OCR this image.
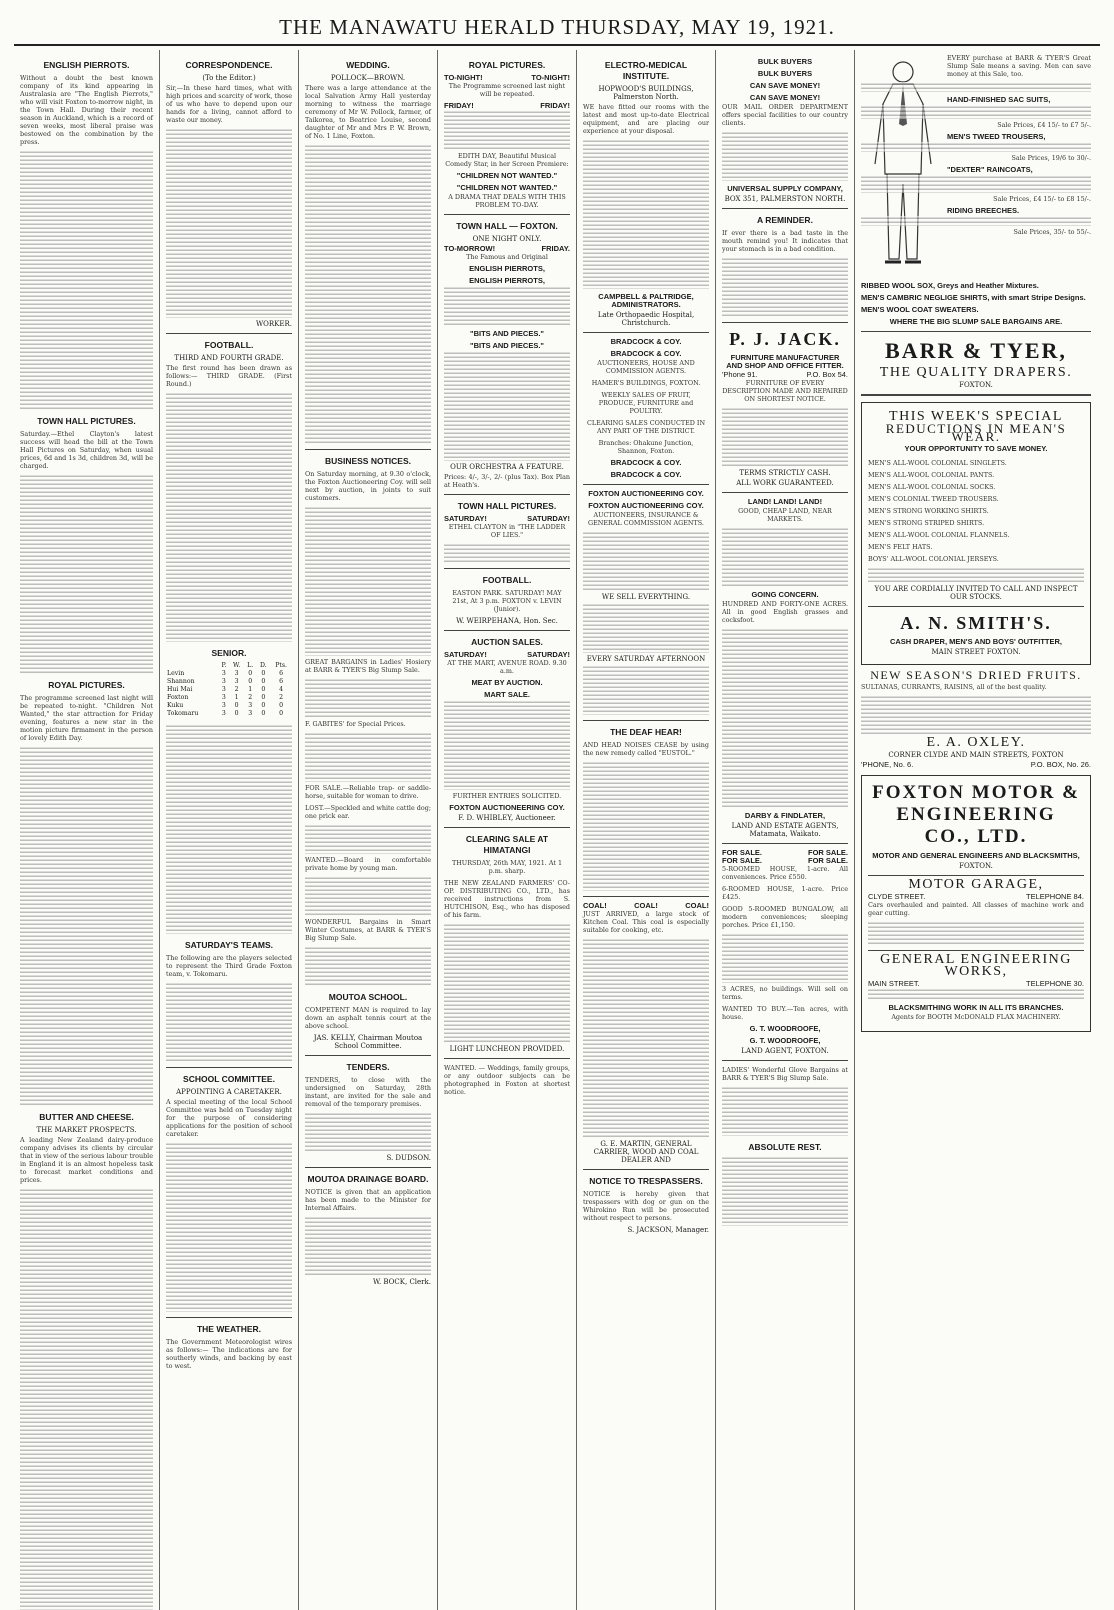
THE MANAWATU HERALD THURSDAY, MAY 19, 1921.
ENGLISH PIERROTS.

Without a doubt the best known company of its kind appearing in Australasia are "The English Pierrots," who will visit Foxton to-morrow night, in the Town Hall. During their recent season in Auckland, which is a record of seven weeks, most liberal praise was bestowed on the combination by the press.

TOWN HALL PICTURES.

Saturday.—Ethel Clayton's latest success will head the bill at the Town Hall Pictures on Saturday, when usual prices, 6d and 1s 3d, children 3d, will be charged.

ROYAL PICTURES.

The programme screened last night will be repeated to-night. "Children Not Wanted," the star attraction for Friday evening, features a new star in the motion picture firmament in the person of lovely Edith Day.

BUTTER AND CHEESE.
THE MARKET PROSPECTS.

A leading New Zealand dairy-produce company advises its clients by circular that in view of the serious labour trouble in England it is an almost hopeless task to forecast market conditions and prices.

CORRESPONDENCE.
(To the Editor.)

Sir,—In these hard times, what with high prices and scarcity of work, those of us who have to depend upon our hands for a living, cannot afford to waste our money.

WORKER.
FOOTBALL.
THIRD AND FOURTH GRADE.

The first round has been drawn as follows:— THIRD GRADE. (First Round.)

SENIOR.
	P.	W.	L.	D.	Pts.
Levin	3	3	0	0	6
Shannon	3	3	0	0	6
Hui Mai	3	2	1	0	4
Foxton	3	1	2	0	2
Kuku	3	0	3	0	0
Tokomaru	3	0	3	0	0
SATURDAY'S TEAMS.

The following are the players selected to represent the Third Grade Foxton team, v. Tokomaru.

SCHOOL COMMITTEE.
APPOINTING A CARETAKER.

A special meeting of the local School Committee was held on Tuesday night for the purpose of considering applications for the position of school caretaker.

THE WEATHER.

The Government Meteorologist wires as follows:— The indications are for southerly winds, and backing by east to west.

WEDDING.
POLLOCK—BROWN.

There was a large attendance at the local Salvation Army Hall yesterday morning to witness the marriage ceremony of Mr W. Pollock, farmer, of Taikorea, to Beatrice Louise, second daughter of Mr and Mrs P. W. Brown, of No. 1 Line, Foxton.

BUSINESS NOTICES.

On Saturday morning, at 9.30 o'clock, the Foxton Auctioneering Coy. will sell next by auction, in joints to suit customers.

GREAT BARGAINS in Ladies' Hosiery at BARR & TYER'S Big Slump Sale.

F. GABITES' for Special Prices.

FOR SALE.—Reliable trap- or saddle-horse, suitable for woman to drive.

LOST.—Speckled and white cattle dog; one prick ear.

WANTED.—Board in comfortable private home by young man.

WONDERFUL Bargains in Smart Winter Costumes, at BARR & TYER'S Big Slump Sale.

MOUTOA SCHOOL.

COMPETENT MAN is required to lay down an asphalt tennis court at the above school.

JAS. KELLY, Chairman Moutoa School Committee.
TENDERS.

TENDERS, to close with the undersigned on Saturday, 28th instant, are invited for the sale and removal of the temporary premises.

S. DUDSON.
MOUTOA DRAINAGE BOARD.

NOTICE is given that an application has been made to the Minister for Internal Affairs.

W. BOCK, Clerk.
ROYAL PICTURES.
TO-NIGHT!	TO-NIGHT!

The Programme screened last night will be repeated.

FRIDAY!	FRIDAY!

EDITH DAY, Beautiful Musical Comedy Star, in her Screen Premiere:

"CHILDREN NOT WANTED."
"CHILDREN NOT WANTED."

A DRAMA THAT DEALS WITH THIS PROBLEM TO-DAY.

TOWN HALL — FOXTON.
ONE NIGHT ONLY.
TO-MORROW!	FRIDAY.

The Famous and Original

ENGLISH PIERROTS,
ENGLISH PIERROTS,
"BITS AND PIECES."
"BITS AND PIECES."
OUR ORCHESTRA A FEATURE.

Prices: 4/-, 3/-, 2/- (plus Tax). Box Plan at Heath's.

TOWN HALL PICTURES.
SATURDAY!	SATURDAY!

ETHEL CLAYTON in "THE LADDER OF LIES."

FOOTBALL.

EASTON PARK. SATURDAY! MAY 21st, At 3 p.m. FOXTON v. LEVIN (Junior).

W. WEIRPEHANA, Hon. Sec.
AUCTION SALES.
SATURDAY!	SATURDAY!

AT THE MART, AVENUE ROAD. 9.30 a.m.

MEAT BY AUCTION.
MART SALE.

FURTHER ENTRIES SOLICITED.

FOXTON AUCTIONEERING COY.
F. D. WHIBLEY, Auctioneer.
CLEARING SALE AT HIMATANGI

THURSDAY, 26th MAY, 1921. At 1 p.m. sharp.

THE NEW ZEALAND FARMERS' CO-OP. DISTRIBUTING CO., LTD., has received instructions from S. HUTCHISON, Esq., who has disposed of his farm.

LIGHT LUNCHEON PROVIDED.

WANTED. — Weddings, family groups, or any outdoor subjects can be photographed in Foxton at shortest notice.

ELECTRO-MEDICAL INSTITUTE.
HOPWOOD'S BUILDINGS, Palmerston North.

WE have fitted our rooms with the latest and most up-to-date Electrical equipment, and are placing our experience at your disposal.

CAMPBELL & PALTRIDGE, ADMINISTRATORS.
Late Orthopaedic Hospital, Christchurch.
BRADCOCK & COY.
BRADCOCK & COY.

AUCTIONEERS, HOUSE AND COMMISSION AGENTS.

HAMER'S BUILDINGS, FOXTON.

WEEKLY SALES OF FRUIT, PRODUCE, FURNITURE and POULTRY.

CLEARING SALES CONDUCTED IN ANY PART OF THE DISTRICT.

Branches: Ohakune Junction, Shannon, Foxton.

BRADCOCK & COY.
BRADCOCK & COY.
FOXTON AUCTIONEERING COY.
FOXTON AUCTIONEERING COY.

AUCTIONEERS, INSURANCE & GENERAL COMMISSION AGENTS.

WE SELL EVERYTHING.
EVERY SATURDAY AFTERNOON
THE DEAF HEAR!

AND HEAD NOISES CEASE by using the new remedy called "EUSTOL."

COAL!	COAL!	COAL!

JUST ARRIVED, a large stock of Kitchen Coal. This coal is especially suitable for cooking, etc.

G. E. MARTIN, GENERAL CARRIER, WOOD AND COAL DEALER AND
NOTICE TO TRESPASSERS.

NOTICE is hereby given that trespassers with dog or gun on the Whirokino Run will be prosecuted without respect to persons.

S. JACKSON, Manager.
BULK BUYERS
BULK BUYERS
CAN SAVE MONEY!
CAN SAVE MONEY!

OUR MAIL ORDER DEPARTMENT offers special facilities to our country clients.

UNIVERSAL SUPPLY COMPANY,
BOX 351, PALMERSTON NORTH.
A REMINDER.

If ever there is a bad taste in the mouth remind you! It indicates that your stomach is in a bad condition.

P. J. JACK.
FURNITURE MANUFACTURER AND SHOP AND OFFICE FITTER.
'Phone 91.	P.O. Box 54.

FURNITURE OF EVERY DESCRIPTION MADE AND REPAIRED ON SHORTEST NOTICE.

TERMS STRICTLY CASH.
ALL WORK GUARANTEED.
LAND! LAND! LAND!

GOOD, CHEAP LAND, NEAR MARKETS.

GOING CONCERN.

HUNDRED AND FORTY-ONE ACRES. All in good English grasses and cocksfoot.

DARBY & FINDLATER,
LAND AND ESTATE AGENTS, Matamata, Waikato.
FOR SALE.	FOR SALE.
FOR SALE.	FOR SALE.

5-ROOMED HOUSE, 1-acre. All conveniences. Price £550.

6-ROOMED HOUSE, 1-acre. Price £425.

GOOD 5-ROOMED BUNGALOW, all modern conveniences; sleeping porches. Price £1,150.

3 ACRES, no buildings. Will sell on terms.

WANTED TO BUY.—Ten acres, with house.

G. T. WOODROOFE,
G. T. WOODROOFE,
LAND AGENT, FOXTON.

LADIES' Wonderful Glove Bargains at BARR & TYER'S Big Slump Sale.

ABSOLUTE REST.

EVERY purchase at BARR & TYER'S Great Slump Sale means a saving. Men can save money at this Sale, too.

HAND-FINISHED SAC SUITS,
Sale Prices, £4 15/- to £7 5/-.
MEN'S TWEED TROUSERS,
Sale Prices, 19/6 to 30/-.
"DEXTER" RAINCOATS,
Sale Prices, £4 15/- to £8 15/-.
RIDING BREECHES.
Sale Prices, 35/- to 55/-.
RIBBED WOOL SOX, Greys and Heather Mixtures.
MEN'S CAMBRIC NEGLIGE SHIRTS, with smart Stripe Designs.
MEN'S WOOL COAT SWEATERS.
WHERE THE BIG SLUMP SALE BARGAINS ARE.
BARR & TYER,
THE QUALITY DRAPERS.
FOXTON.
THIS WEEK'S SPECIAL
REDUCTIONS IN MEAN'S WEAR.
YOUR OPPORTUNITY TO SAVE MONEY.
MEN'S ALL-WOOL COLONIAL SINGLETS.
MEN'S ALL-WOOL COLONIAL PANTS.
MEN'S ALL-WOOL COLONIAL SOCKS.
MEN'S COLONIAL TWEED TROUSERS.
MEN'S STRONG WORKING SHIRTS.
MEN'S STRONG STRIPED SHIRTS.
MEN'S ALL-WOOL COLONIAL FLANNELS.
MEN'S FELT HATS.
BOYS' ALL-WOOL COLONIAL JERSEYS.
YOU ARE CORDIALLY INVITED TO CALL AND INSPECT OUR STOCKS.
A. N. SMITH'S.
CASH DRAPER, MEN'S AND BOYS' OUTFITTER,
MAIN STREET FOXTON.
NEW SEASON'S DRIED FRUITS.

SULTANAS, CURRANTS, RAISINS, all of the best quality.

E. A. OXLEY.
CORNER CLYDE AND MAIN STREETS, FOXTON
'PHONE, No. 6.	P.O. BOX, No. 26.
FOXTON MOTOR &
ENGINEERING
CO., LTD.
MOTOR AND GENERAL ENGINEERS AND BLACKSMITHS,
FOXTON.
MOTOR GARAGE,
CLYDE STREET.	TELEPHONE 84.

Cars overhauled and painted. All classes of machine work and gear cutting.

GENERAL ENGINEERING
WORKS,
MAIN STREET.	TELEPHONE 30.
BLACKSMITHING WORK IN ALL ITS BRANCHES.

Agents for BOOTH McDONALD FLAX MACHINERY.
